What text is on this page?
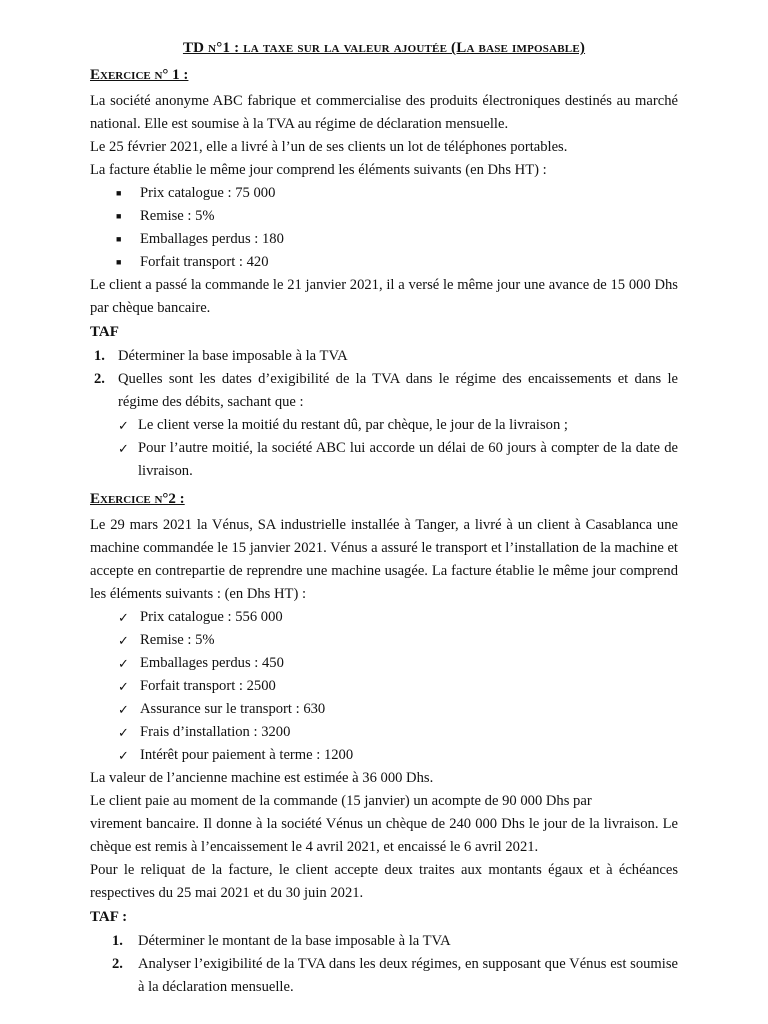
TD n°1 : la taxe sur la valeur ajoutée (La base imposable)
Exercice n° 1 :

La société anonyme ABC fabrique et commercialise des produits électroniques destinés au marché national. Elle est soumise à la TVA au régime de déclaration mensuelle.

Le 25 février 2021, elle a livré à l’un de ses clients un lot de téléphones portables.

La facture établie le même jour comprend les éléments suivants (en Dhs HT) :

■ Prix catalogue : 75 000
■ Remise : 5%
■ Emballages perdus : 180
■ Forfait transport : 420

Le client a passé la commande le 21 janvier 2021, il a versé le même jour une avance de 15 000 Dhs par chèque bancaire.

TAF
1. Déterminer la base imposable à la TVA
2. Quelles sont les dates d’exigibilité de la TVA dans le régime des encaissements et dans le régime des débits, sachant que :
✓ Le client verse la moitié du restant dû, par chèque, le jour de la livraison ;
✓ Pour l’autre moitié, la société ABC lui accorde un délai de 60 jours à compter de la date de livraison.
Exercice n°2 :

Le 29 mars 2021 la Vénus, SA industrielle installée à Tanger, a livré à un client à Casablanca une machine commandée le 15 janvier 2021. Vénus a assuré le transport et l’installation de la machine et accepte en contrepartie de reprendre une machine usagée. La facture établie le même jour comprend les éléments suivants : (en Dhs HT) :

✓ Prix catalogue : 556 000
✓ Remise : 5%
✓ Emballages perdus : 450
✓ Forfait transport : 2500
✓ Assurance sur le transport : 630
✓ Frais d’installation : 3200
✓ Intérêt pour paiement à terme : 1200

La valeur de l’ancienne machine est estimée à 36 000 Dhs.

Le client paie au moment de la commande (15 janvier) un acompte de 90 000 Dhs par

virement bancaire. Il donne à la société Vénus un chèque de 240 000 Dhs le jour de la livraison. Le chèque est remis à l’encaissement le 4 avril 2021, et encaissé le 6 avril 2021.

Pour le reliquat de la facture, le client accepte deux traites aux montants égaux et à échéances respectives du 25 mai 2021 et du 30 juin 2021.

TAF :
1. Déterminer le montant de la base imposable à la TVA
2. Analyser l’exigibilité de la TVA dans les deux régimes, en supposant que Vénus est soumise à la déclaration mensuelle.
